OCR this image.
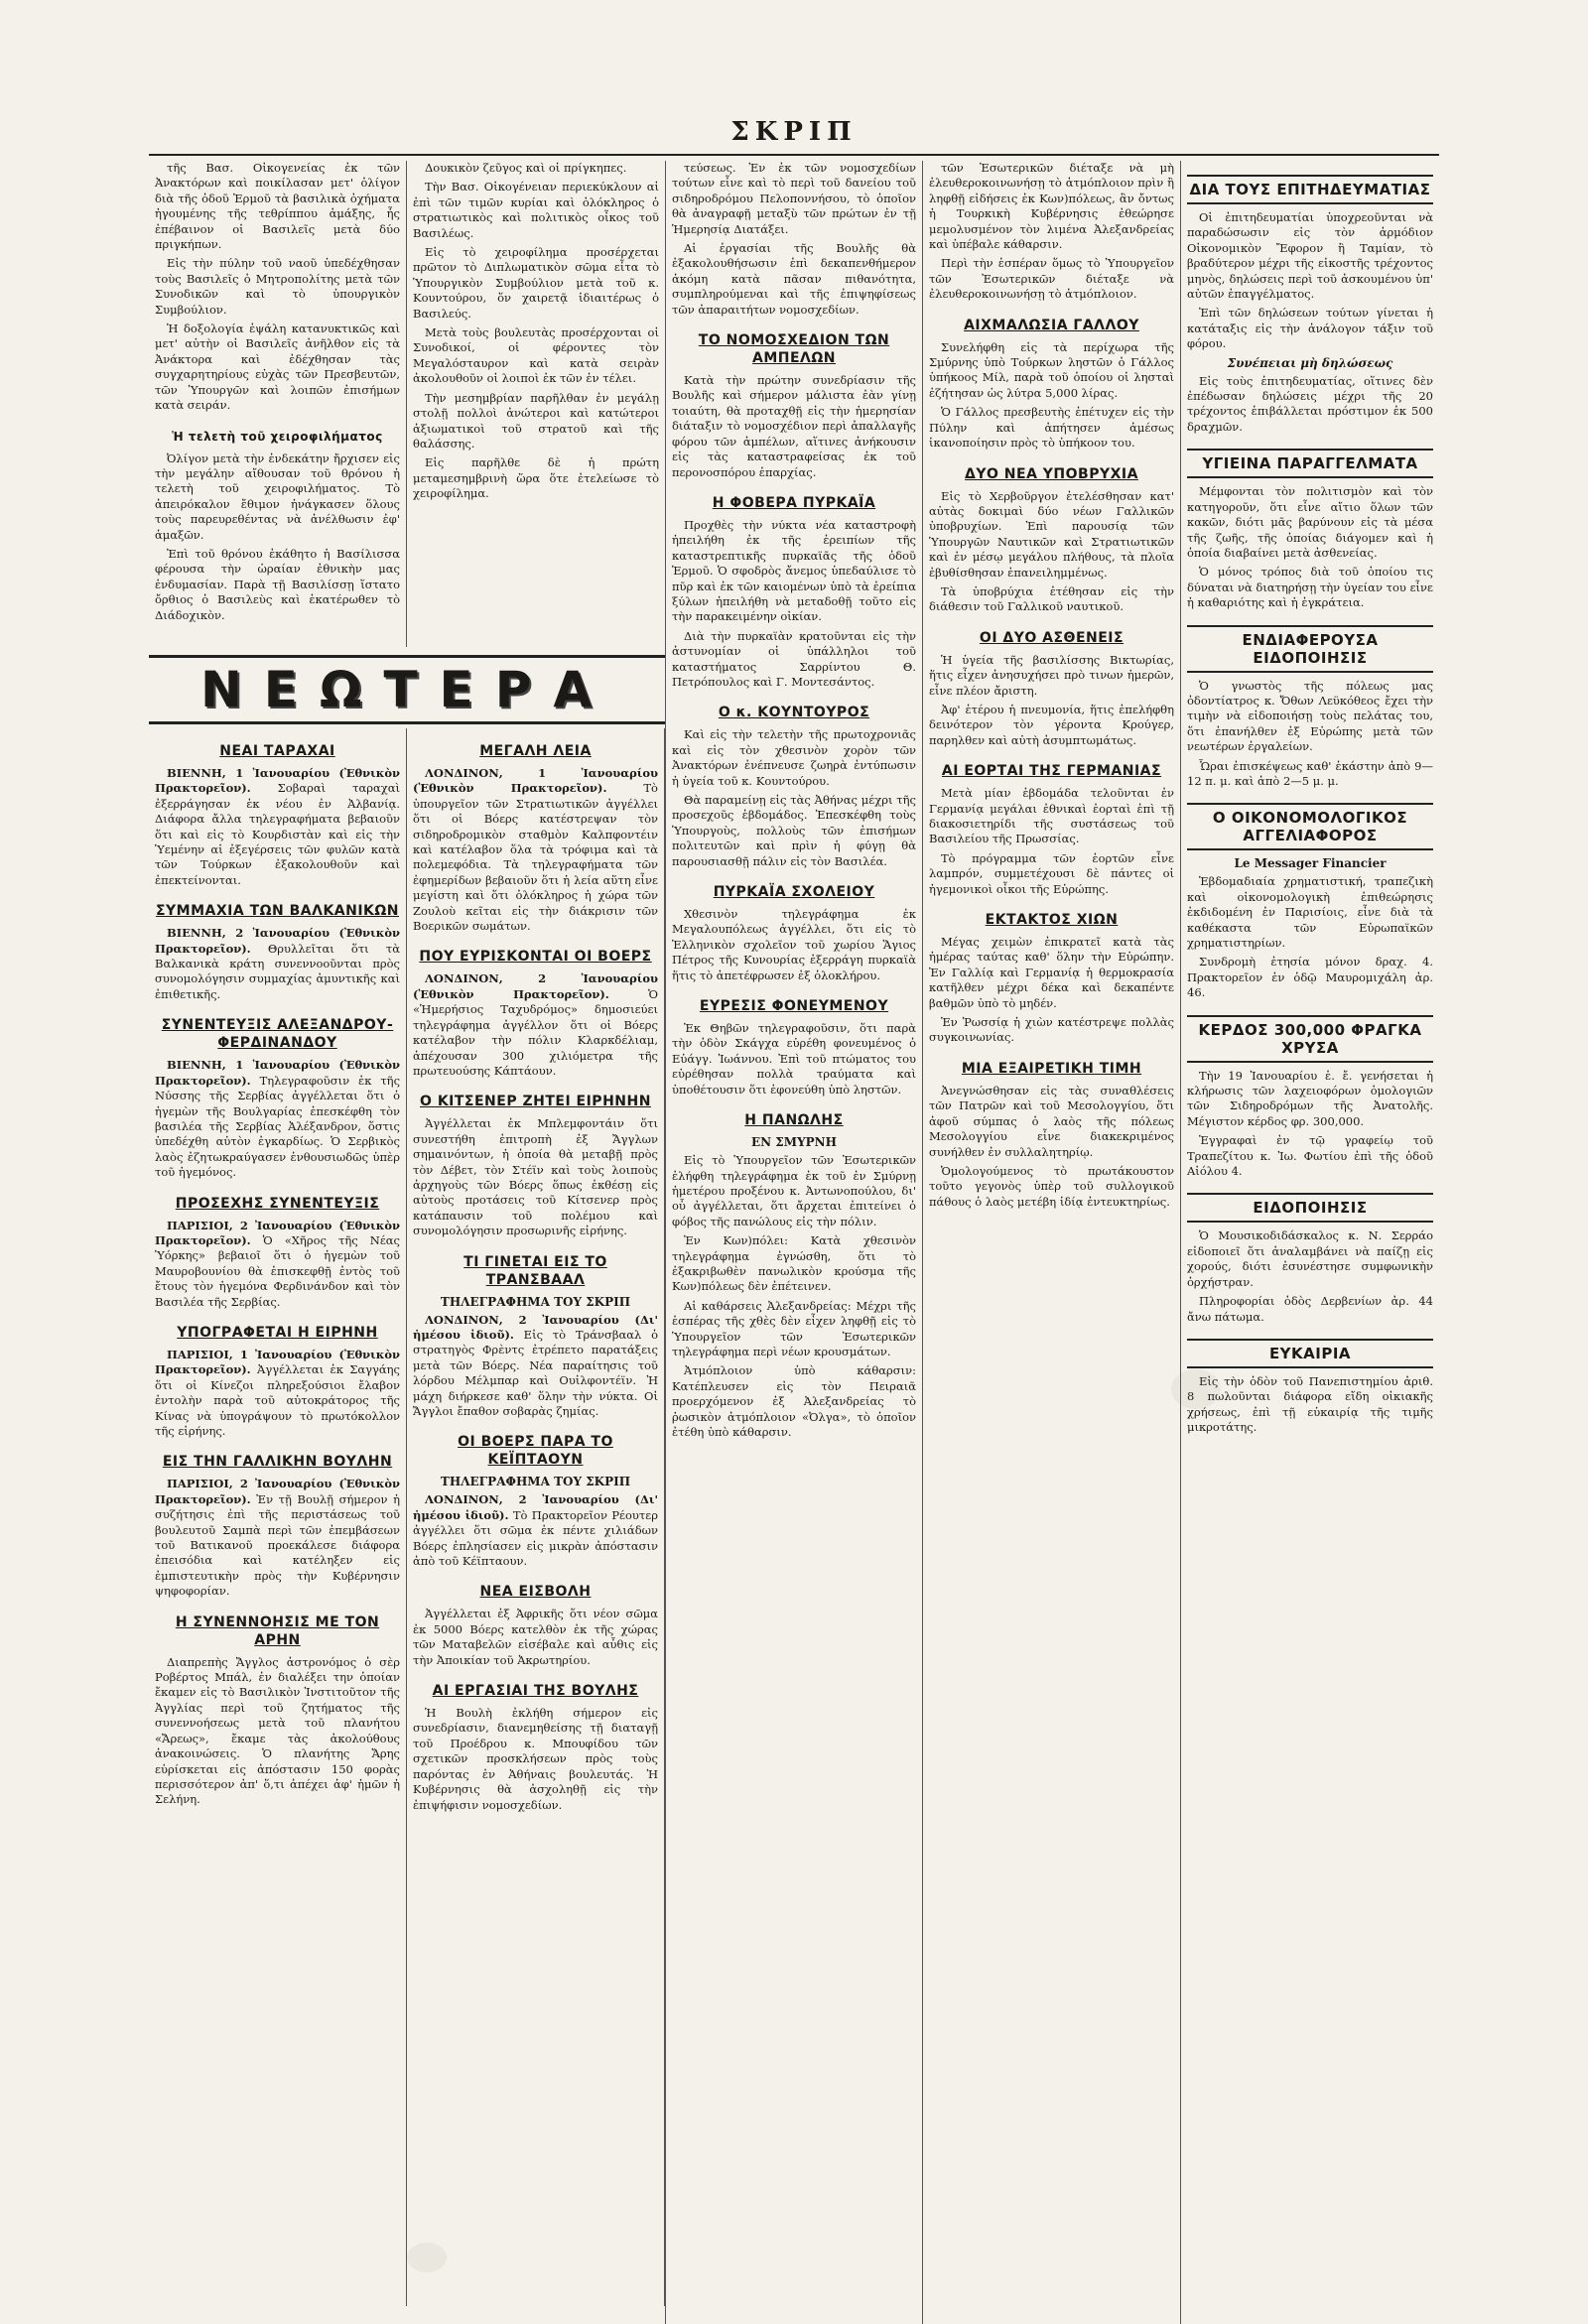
ΣΚΡΙΠ

τῆς Βασ. Οἰκογενείας ἐκ τῶν Ἀνακτόρων καὶ ποικίλασαν μετ' ὀλίγον διὰ τῆς ὁδοῦ Ἑρμοῦ τὰ βασιλικὰ ὀχήματα ἡγουμένης τῆς τεθρίππου ἁμάξης, ἧς ἐπέβαινον οἱ Βασιλεῖς μετὰ δύο πριγκήπων.

Εἰς τὴν πύλην τοῦ ναοῦ ὑπεδέχθησαν τοὺς Βασιλεῖς ὁ Μητροπολίτης μετὰ τῶν Συνοδικῶν καὶ τὸ ὑπουργικὸν Συμβούλιον.

Ἡ δοξολογία ἐψάλη κατανυκτικῶς καὶ μετ' αὐτὴν οἱ Βασιλεῖς ἀνῆλθον εἰς τὰ Ἀνάκτορα καὶ ἐδέχθησαν τὰς συγχαρητηρίους εὐχὰς τῶν Πρεσβευτῶν, τῶν Ὑπουργῶν καὶ λοιπῶν ἐπισήμων κατὰ σειράν.

Ἡ τελετὴ τοῦ χειροφιλήματος

Ὀλίγον μετὰ τὴν ἐνδεκάτην ἤρχισεν εἰς τὴν μεγάλην αἴθουσαν τοῦ θρόνου ἡ τελετὴ τοῦ χειροφιλήματος. Τὸ ἀπειρόκαλον ἔθιμον ἠνάγκασεν ὅλους τοὺς παρευρεθέντας νὰ ἀνέλθωσιν ἐφ' ἁμαξῶν.

Ἐπὶ τοῦ θρόνου ἐκάθητο ἡ Βασίλισσα φέρουσα τὴν ὡραίαν ἐθνικὴν μας ἐνδυμασίαν. Παρὰ τῇ Βασιλίσσῃ ἵστατο ὄρθιος ὁ Βασιλεὺς καὶ ἑκατέρωθεν τὸ Διάδοχικὸν.

Δουκικὸν ζεῦγος καὶ οἱ πρίγκηπες.

Τὴν Βασ. Οἰκογένειαν περιεκύκλουν αἱ ἐπὶ τῶν τιμῶν κυρίαι καὶ ὁλόκληρος ὁ στρατιωτικὸς καὶ πολιτικὸς οἶκος τοῦ Βασιλέως.

Εἰς τὸ χειροφίλημα προσέρχεται πρῶτον τὸ Διπλωματικὸν σῶμα εἶτα τὸ Ὑπουργικὸν Συμβούλιον μετὰ τοῦ κ. Κουντούρου, ὅν χαιρετᾷ ἰδιαιτέρως ὁ Βασιλεύς.

Μετὰ τοὺς βουλευτὰς προσέρχονται οἱ Συνοδικοί, οἱ φέροντες τὸν Μεγαλόσταυρον καὶ κατὰ σειρὰν ἀκολουθοῦν οἱ λοιποὶ ἐκ τῶν ἐν τέλει.

Τὴν μεσημβρίαν παρῆλθαν ἐν μεγάλῃ στολῇ πολλοὶ ἀνώτεροι καὶ κατώτεροι ἀξιωματικοὶ τοῦ στρατοῦ καὶ τῆς θαλάσσης.

Εἰς παρῆλθε δὲ ἡ πρώτη μεταμεσημβρινὴ ὥρα ὅτε ἐτελείωσε τὸ χειροφίλημα.

ΝΕΩΤΕΡΑ
ΝΕΑΙ ΤΑΡΑΧΑΙ

ΒΙΕΝΝΗ, 1 Ἰανουαρίου (Ἐθνικὸν Πρακτορεῖον). Σοβαραὶ ταραχαὶ ἐξερράγησαν ἐκ νέου ἐν Ἀλβανίᾳ. Διάφορα ἄλλα τηλεγραφήματα βεβαιοῦν ὅτι καὶ εἰς τὸ Κουρδιστὰν καὶ εἰς τὴν Ὑεμένην αἱ ἐξεγέρσεις τῶν φυλῶν κατὰ τῶν Τούρκων ἐξακολουθοῦν καὶ ἐπεκτείνονται.

ΣΥΜΜΑΧΙΑ ΤΩΝ ΒΑΛΚΑΝΙΚΩΝ

ΒΙΕΝΝΗ, 2 Ἰανουαρίου (Ἐθνικὸν Πρακτορεῖον). Θρυλλεῖται ὅτι τὰ Βαλκανικὰ κράτη συνεννοοῦνται πρὸς συνομολόγησιν συμμαχίας ἀμυντικῆς καὶ ἐπιθετικῆς.

ΣΥΝΕΝΤΕΥΞΙΣ ΑΛΕΞΑΝΔΡΟΥ-ΦΕΡΔΙΝΑΝΔΟΥ

ΒΙΕΝΝΗ, 1 Ἰανουαρίου (Ἐθνικὸν Πρακτορεῖον). Τηλεγραφοῦσιν ἐκ τῆς Νύσσης τῆς Σερβίας ἀγγέλλεται ὅτι ὁ ἡγεμὼν τῆς Βουλγαρίας ἐπεσκέφθη τὸν βασιλέα τῆς Σερβίας Ἀλέξανδρον, ὅστις ὑπεδέχθη αὐτὸν ἐγκαρδίως. Ὁ Σερβικὸς λαὸς ἐζητωκραύγασεν ἐνθουσιωδῶς ὑπὲρ τοῦ ἡγεμόνος.

ΠΡΟΣΕΧΗΣ ΣΥΝΕΝΤΕΥΞΙΣ

ΠΑΡΙΣΙΟΙ, 2 Ἰανουαρίου (Ἐθνικὸν Πρακτορεῖον). Ὁ «Χῆρος τῆς Νέας Ὑόρκης» βεβαιοῖ ὅτι ὁ ἡγεμὼν τοῦ Μαυροβουνίου θὰ ἐπισκεφθῇ ἐντὸς τοῦ ἔτους τὸν ἡγεμόνα Φερδινάνδον καὶ τὸν Βασιλέα τῆς Σερβίας.

ΥΠΟΓΡΑΦΕΤΑΙ Η ΕΙΡΗΝΗ

ΠΑΡΙΣΙΟΙ, 1 Ἰανουαρίου (Ἐθνικὸν Πρακτορεῖον). Ἀγγέλλεται ἐκ Σαγγάης ὅτι οἱ Κίνεζοι πληρεξούσιοι ἔλαβον ἐντολὴν παρὰ τοῦ αὐτοκράτορος τῆς Κίνας νὰ ὑπογράψουν τὸ πρωτόκολλον τῆς εἰρήνης.

ΕΙΣ ΤΗΝ ΓΑΛΛΙΚΗΝ ΒΟΥΛΗΝ

ΠΑΡΙΣΙΟΙ, 2 Ἰανουαρίου (Ἐθνικὸν Πρακτορεῖον). Ἐν τῇ Βουλῇ σήμερον ἡ συζήτησις ἐπὶ τῆς περιστάσεως τοῦ βουλευτοῦ Σαμπὰ περὶ τῶν ἐπεμβάσεων τοῦ Βατικανοῦ προεκάλεσε διάφορα ἐπεισόδια καὶ κατέληξεν εἰς ἐμπιστευτικὴν πρὸς τὴν Κυβέρνησιν ψηφοφορίαν.

Η ΣΥΝΕΝΝΟΗΣΙΣ ΜΕ ΤΟΝ ΑΡΗΝ

Διαπρεπὴς Ἄγγλος ἀστρονόμος ὁ σὲρ Ροβέρτος Μπάλ, ἐν διαλέξει την ὁποίαν ἔκαμεν εἰς τὸ Βασιλικὸν Ἰνστιτοῦτον τῆς Ἀγγλίας περὶ τοῦ ζητήματος τῆς συνεννοήσεως μετὰ τοῦ πλανήτου «Ἄρεως», ἔκαμε τὰς ἀκολούθους ἀνακοινώσεις. Ὁ πλανήτης Ἄρης εὑρίσκεται εἰς ἀπόστασιν 150 φορὰς περισσότερον ἀπ' ὅ,τι ἀπέχει ἀφ' ἡμῶν ἡ Σελήνη.

ΜΕΓΑΛΗ ΛΕΙΑ

ΛΟΝΔΙΝΟΝ, 1 Ἰανουαρίου (Ἐθνικὸν Πρακτορεῖον).	Τὸ ὑπουργεῖον τῶν Στρατιωτικῶν ἀγγέλλει ὅτι οἱ Βόερς κατέστρεψαν τὸν σιδηροδρομικὸν σταθμὸν Καλπφοντέιν καὶ κατέλαβον ὅλα τὰ τρόφιμα καὶ τὰ πολεμεφόδια. Τὰ τηλεγραφήματα τῶν ἐφημερίδων βεβαιοῦν ὅτι ἡ λεία αὕτη εἶνε μεγίστη καὶ ὅτι ὁλόκληρος ἡ χώρα τῶν Ζουλοὺ κεῖται εἰς τὴν διάκρισιν τῶν Βοερικῶν σωμάτων.

ΠΟΥ ΕΥΡΙΣΚΟΝΤΑΙ ΟΙ ΒΟΕΡΣ

ΛΟΝΔΙΝΟΝ, 2 Ἰανουαρίου (Ἐθνικὸν Πρακτορεῖον).	Ὁ «Ἡμερήσιος Ταχυδρόμος» δημοσιεύει τηλεγράφημα ἀγγέλλον ὅτι οἱ Βόερς κατέλαβον τὴν πόλιν Κλαρκδέλιαμ, ἀπέχουσαν 300 χιλιόμετρα τῆς πρωτευούσης Κάπτάουν.

Ο ΚΙΤΣΕΝΕΡ ΖΗΤΕΙ ΕΙΡΗΝΗΝ

Ἀγγέλλεται ἐκ Μπλεμφοντάιν ὅτι συνεστήθη ἐπιτροπὴ ἐξ Ἄγγλων σημαινόντων, ἡ ὁποία θὰ μεταβῇ πρὸς τὸν Δέβετ, τὸν Στέϊν καὶ τοὺς λοιποὺς ἀρχηγοὺς τῶν Βόερς ὅπως ἐκθέσῃ εἰς αὐτοὺς προτάσεις τοῦ Κίτσενερ πρὸς κατάπαυσιν τοῦ πολέμου καὶ συνομολόγησιν προσωρινῆς εἰρήνης.

ΤΙ ΓΙΝΕΤΑΙ ΕΙΣ ΤΟ ΤΡΑΝΣΒΑΑΛ
ΤΗΛΕΓΡΑΦΗΜΑ ΤΟΥ ΣΚΡΙΠ

ΛΟΝΔΙΝΟΝ, 2 Ἰανουαρίου (Δι' ἡμέσου ἰδιοῦ). Εἰς τὸ Τράνσβααλ ὁ στρατηγὸς Φρὲντς ἐτρέπετο παρατάξεις μετὰ τῶν Βόερς. Νέα παραίτησις τοῦ λόρδου Μέλμπαρ καὶ Ουἰλφοντέϊν. Ἡ μάχη διήρκεσε καθ' ὅλην τὴν νύκτα. Οἱ Ἄγγλοι ἔπαθον σοβαρὰς ζημίας.

ΟΙ ΒΟΕΡΣ ΠΑΡΑ ΤΟ ΚΕΪΠΤΑΟΥΝ
ΤΗΛΕΓΡΑΦΗΜΑ ΤΟΥ ΣΚΡΙΠ

ΛΟΝΔΙΝΟΝ, 2 Ἰανουαρίου (Δι' ἡμέσου ἰδιοῦ). Τὸ Πρακτορεῖον Ρέουτερ ἀγγέλλει ὅτι σῶμα ἐκ πέντε χιλιάδων Βόερς ἐπλησίασεν εἰς μικρὰν ἀπόστασιν ἀπὸ τοῦ Κέϊπταουν.

ΝΕΑ ΕΙΣΒΟΛΗ

Ἀγγέλλεται ἐξ Ἀφρικῆς ὅτι νέον σῶμα ἐκ 5000 Βόερς κατελθὸν ἐκ τῆς χώρας τῶν Ματαβελῶν εἰσέβαλε καὶ αὖθις εἰς τὴν Ἀποικίαν τοῦ Ἀκρωτηρίου.

ΑΙ ΕΡΓΑΣΙΑΙ ΤΗΣ ΒΟΥΛΗΣ

Ἡ Βουλὴ ἐκλήθη σήμερον εἰς συνεδρίασιν, διανεμηθείσης τῇ διαταγῇ τοῦ Προέδρου κ. Μπουφίδου τῶν σχετικῶν προσκλήσεων πρὸς τοὺς παρόντας ἐν Ἀθήναις βουλευτάς. Ἡ Κυβέρνησις θὰ ἀσχοληθῇ εἰς τὴν ἐπιψήφισιν νομοσχεδίων.

τεύσεως. Ἐν ἐκ τῶν νομοσχεδίων τούτων εἶνε καὶ τὸ περὶ τοῦ δανείου τοῦ σιδηροδρόμου Πελοποννήσου, τὸ ὁποῖον θὰ ἀναγραφῇ μεταξὺ τῶν πρώτων ἐν τῇ Ἡμερησίᾳ Διατάξει.

Αἱ ἐργασίαι τῆς Βουλῆς θὰ ἐξακολουθήσωσιν ἐπὶ δεκαπενθήμερον ἀκόμη κατὰ πᾶσαν πιθανότητα, συμπληρούμεναι καὶ τῆς ἐπιψηφίσεως τῶν ἀπαραιτήτων νομοσχεδίων.

ΤΟ ΝΟΜΟΣΧΕΔΙΟΝ ΤΩΝ ΑΜΠΕΛΩΝ

Κατὰ τὴν πρώτην συνεδρίασιν τῆς Βουλῆς καὶ σήμερον μάλιστα ἐὰν γίνῃ τοιαύτη, θὰ προταχθῇ εἰς τὴν ἡμερησίαν διάταξιν τὸ νομοσχέδιον περὶ ἀπαλλαγῆς φόρου τῶν ἀμπέλων, αἵτινες ἀνήκουσιν εἰς τὰς καταστραφείσας ἐκ τοῦ περονοσπόρου ἐπαρχίας.

Η ΦΟΒΕΡΑ ΠΥΡΚΑΪΑ

Προχθὲς τὴν νύκτα νέα καταστροφὴ ἠπειλήθη ἐκ τῆς ἐρειπίων τῆς καταστρεπτικῆς πυρκαϊᾶς τῆς ὁδοῦ Ἑρμοῦ. Ὁ σφοδρὸς ἄνεμος ὑπεδαύλισε τὸ πῦρ καὶ ἐκ τῶν καιομένων ὑπὸ τὰ ἐρείπια ξύλων ἠπειλήθη νὰ μεταδοθῇ τοῦτο εἰς τὴν παρακειμένην οἰκίαν.

Διὰ τὴν πυρκαϊὰν κρατοῦνται εἰς τὴν ἀστυνομίαν οἱ ὑπάλληλοι τοῦ καταστήματος Σαρρίντου Θ. Πετρόπουλος καὶ Γ. Μοντεσάντος.

Ο κ. ΚΟΥΝΤΟΥΡΟΣ

Καὶ εἰς τὴν τελετὴν τῆς πρωτοχρονιᾶς καὶ εἰς τὸν χθεσινὸν χορὸν τῶν Ἀνακτόρων ἐνέπνευσε ζωηρὰ ἐντύπωσιν ἡ ὑγεία τοῦ κ. Κουντούρου.

Θὰ παραμείνῃ εἰς τὰς Ἀθήνας μέχρι τῆς προσεχοῦς ἑβδομάδος. Ἐπεσκέφθη τοὺς Ὑπουργοὺς, πολλοὺς τῶν ἐπισήμων πολιτευτῶν καὶ πρὶν ἡ φύγῃ θὰ παρουσιασθῇ πάλιν εἰς τὸν Βασιλέα.

ΠΥΡΚΑΪΑ ΣΧΟΛΕΙΟΥ

Χθεσινὸν τηλεγράφημα ἐκ Μεγαλουπόλεως ἀγγέλλει, ὅτι εἰς τὸ Ἑλληνικὸν σχολεῖον τοῦ χωρίου Ἅγιος Πέτρος τῆς Κυνουρίας ἐξερράγη πυρκαϊὰ ἥτις τὸ ἀπετέφρωσεν ἐξ ὁλοκλήρου.

ΕΥΡΕΣΙΣ ΦΟΝΕΥΜΕΝΟΥ

Ἐκ Θηβῶν τηλεγραφοῦσιν, ὅτι παρὰ τὴν ὁδὸν Σκάγχα εὑρέθη φονευμένος ὁ Εὐάγγ. Ἰωάννου. Ἐπὶ τοῦ πτώματος του εὑρέθησαν πολλὰ τραύματα καὶ ὑποθέτουσιν ὅτι ἐφονεύθη ὑπὸ ληστῶν.

Η ΠΑΝΩΛΗΣ
ΕΝ ΣΜΥΡΝΗ

Εἰς τὸ Ὑπουργεῖον τῶν Ἐσωτερικῶν ἐλήφθη τηλεγράφημα ἐκ τοῦ ἐν Σμύρνῃ ἡμετέρου προξένου κ. Ἀντωνοπούλου, δι' οὗ ἀγγέλλεται, ὅτι ἄρχεται ἐπιτείνει ὁ φόβος τῆς πανώλους εἰς τὴν πόλιν.

Ἐν Κων)πόλει: Κατὰ χθεσινὸν τηλεγράφημα ἐγνώσθη, ὅτι τὸ ἐξακριβωθὲν πανωλικὸν κρούσμα τῆς Κων)πόλεως δὲν ἐπέτεινεν.

Αἱ καθάρσεις Ἀλεξανδρείας: Μέχρι τῆς ἑσπέρας τῆς χθὲς δὲν εἶχεν ληφθῇ εἰς τὸ Ὑπουργεῖον τῶν Ἐσωτερικῶν τηλεγράφημα περὶ νέων κρουσμάτων.

Ἀτμόπλοιον ὑπὸ κάθαρσιν: Κατέπλευσεν εἰς τὸν Πειραιᾶ προερχόμενον ἐξ Ἀλεξανδρείας τὸ ῥωσικὸν ἀτμόπλοιον «Ὀλγα», τὸ ὁποῖον ἐτέθη ὑπὸ κάθαρσιν.

τῶν Ἐσωτερικῶν διέταξε νὰ μὴ ἐλευθεροκοινωνήσῃ τὸ ἀτμόπλοιον πρὶν ἢ ληφθῇ εἰδήσεις ἐκ Κων)πόλεως, ἂν ὄντως ἡ Τουρκικὴ Κυβέρνησις ἐθεώρησε μεμολυσμένον τὸν λιμένα Ἀλεξανδρείας καὶ ὑπέβαλε κάθαρσιν.

Περὶ τὴν ἑσπέραν ὅμως τὸ Ὑπουργεῖον τῶν Ἐσωτερικῶν διέταξε νὰ ἐλευθεροκοινωνήσῃ τὸ ἀτμόπλοιον.

ΑΙΧΜΑΛΩΣΙΑ ΓΑΛΛΟΥ

Συνελήφθη εἰς τὰ περίχωρα τῆς Σμύρνης ὑπὸ Τούρκων ληστῶν ὁ Γάλλος ὑπήκοος Μίλ, παρὰ τοῦ ὁποίου οἱ λησταὶ ἐζήτησαν ὡς λύτρα 5,000 λίρας.

Ὁ Γάλλος πρεσβευτὴς ἐπέτυχεν εἰς τὴν Πύλην καὶ ἀπήτησεν ἀμέσως ἱκανοποίησιν πρὸς τὸ ὑπήκοον του.

ΔΥΟ ΝΕΑ ΥΠΟΒΡΥΧΙΑ

Εἰς τὸ Χερβοῦργον ἐτελέσθησαν κατ' αὐτὰς δοκιμαὶ δύο νέων Γαλλικῶν ὑποβρυχίων. Ἐπὶ παρουσίᾳ τῶν Ὑπουργῶν Ναυτικῶν καὶ Στρατιωτικῶν καὶ ἐν μέσῳ μεγάλου πλήθους, τὰ πλοῖα ἐβυθίσθησαν ἐπανειλημμένως.

Τὰ ὑποβρύχια ἐτέθησαν εἰς τὴν διάθεσιν τοῦ Γαλλικοῦ ναυτικοῦ.

ΟΙ ΔΥΟ ΑΣΘΕΝΕΙΣ

Ἡ ὑγεία τῆς βασιλίσσης Βικτωρίας, ἥτις εἶχεν ἀνησυχήσει πρὸ τινων ἡμερῶν, εἶνε πλέον ἄριστη.

Ἀφ' ἑτέρου ἡ πνευμονία, ἥτις ἐπελήφθη δεινότερον τὸν γέροντα Κρούγερ, παρηλθεν καὶ αὐτὴ ἀσυμπτωμάτως.

ΑΙ ΕΟΡΤΑΙ ΤΗΣ ΓΕΡΜΑΝΙΑΣ

Μετὰ μίαν ἑβδομάδα τελοῦνται ἐν Γερμανίᾳ μεγάλαι ἐθνικαὶ ἑορταὶ ἐπὶ τῇ διακοσιετηρίδι τῆς συστάσεως τοῦ Βασιλείου τῆς Πρωσσίας.

Τὸ πρόγραμμα τῶν ἑορτῶν εἶνε λαμπρόν, συμμετέχουσι δὲ πάντες οἱ ἡγεμονικοὶ οἶκοι τῆς Εὐρώπης.

ΕΚΤΑΚΤΟΣ ΧΙΩΝ

Μέγας χειμὼν ἐπικρατεῖ κατὰ τὰς ἡμέρας ταύτας καθ' ὅλην τὴν Εὐρώπην. Ἐν Γαλλίᾳ καὶ Γερμανίᾳ ἡ θερμοκρασία κατῆλθεν μέχρι δέκα καὶ δεκαπέντε βαθμῶν ὑπὸ τὸ μηδέν.

Ἐν Ῥωσσίᾳ ἡ χιὼν κατέστρεψε πολλὰς συγκοινωνίας.

ΜΙΑ ΕΞΑΙΡΕΤΙΚΗ ΤΙΜΗ

Ἀνεγνώσθησαν εἰς τὰς συναθλέσεις τῶν Πατρῶν καὶ τοῦ Μεσολογγίου, ὅτι ἀφοῦ σύμπας ὁ λαὸς τῆς πόλεως Μεσολογγίου εἶνε διακεκριμένος συνήλθεν ἐν συλλαλητηρίῳ.

Ὁμολογούμενος τὸ πρωτάκουστον τοῦτο γεγονὸς ὑπὲρ τοῦ συλλογικοῦ πάθους ὁ λαὸς μετέβη ἰδίᾳ ἐντευκτηρίως.

ΔΙΑ ΤΟΥΣ ΕΠΙΤΗΔΕΥΜΑΤΙΑΣ

Οἱ ἐπιτηδευματίαι ὑποχρεοῦνται νὰ παραδώσωσιν εἰς τὸν ἁρμόδιον Οἰκονομικὸν Ἔφορον ἢ Ταμίαν, τὸ βραδύτερον μέχρι τῆς εἰκοστῆς τρέχοντος μηνὸς, δηλώσεις περὶ τοῦ ἀσκουμένου ὑπ' αὐτῶν ἐπαγγέλματος.

Ἐπὶ τῶν δηλώσεων τούτων γίνεται ἡ κατάταξις εἰς τὴν ἀνάλογον τάξιν τοῦ φόρου.

Συνέπειαι μὴ δηλώσεως

Εἰς τοὺς ἐπιτηδευματίας, οἵτινες δὲν ἐπέδωσαν δηλώσεις μέχρι τῆς 20 τρέχοντος ἐπιβάλλεται πρόστιμον ἐκ 500 δραχμῶν.

ΥΓΙΕΙΝΑ ΠΑΡΑΓΓΕΛΜΑΤΑ

Μέμφονται τὸν πολιτισμὸν καὶ τὸν κατηγοροῦν, ὅτι εἶνε αἴτιο ὅλων τῶν κακῶν, διότι μᾶς βαρύνουν εἰς τὰ μέσα τῆς ζωῆς, τῆς ὁποίας διάγομεν καὶ ἡ ὁποία διαβαίνει μετὰ ἀσθενείας.

Ὁ μόνος τρόπος διὰ τοῦ ὁποίου τις δύναται νὰ διατηρήσῃ τὴν ὑγείαν του εἶνε ἡ καθαριότης καὶ ἡ ἐγκράτεια.

ΕΝΔΙΑΦΕΡΟΥΣΑ ΕΙΔΟΠΟΙΗΣΙΣ

Ὁ γνωστὸς τῆς πόλεως μας ὀδοντίατρος κ. Ὄθων Λεϋκόθεος ἔχει τὴν τιμὴν νὰ εἰδοποιήσῃ τοὺς πελάτας του, ὅτι ἐπανήλθεν ἐξ Εὐρώπης μετὰ τῶν νεωτέρων ἐργαλείων.

Ὧραι ἐπισκέψεως καθ' ἑκάστην ἀπὸ 9—12 π. μ. καὶ ἀπὸ 2—5 μ. μ.

Ο ΟΙΚΟΝΟΜΟΛΟΓΙΚΟΣ ΑΓΓΕΛΙΑΦΟΡΟΣ
Le Messager Financier

Ἑβδομαδιαία χρηματιστική, τραπεζικὴ καὶ οἰκονομολογικὴ ἐπιθεώρησις ἐκδιδομένη ἐν Παρισίοις, εἶνε διὰ τὰ καθέκαστα τῶν Εὐρωπαϊκῶν χρηματιστηρίων.

Συνδρομὴ ἐτησία μόνον δραχ. 4. Πρακτορεῖον ἐν ὁδῷ Μαυρομιχάλη ἀρ. 46.

ΚΕΡΔΟΣ 300,000 ΦΡΑΓΚΑ ΧΡΥΣΑ

Τὴν 19 Ἰανουαρίου ἑ. ἔ. γενήσεται ἡ κλήρωσις τῶν λαχειοφόρων ὁμολογιῶν τῶν Σιδηροδρόμων τῆς Ἀνατολῆς. Μέγιστον κέρδος φρ. 300,000.

Ἐγγραφαὶ ἐν τῷ γραφείῳ τοῦ Τραπεζίτου κ. Ἰω. Φωτίου ἐπὶ τῆς ὁδοῦ Αἰόλου 4.

ΕΙΔΟΠΟΙΗΣΙΣ

Ὁ Μουσικοδιδάσκαλος κ. Ν. Σερράο εἰδοποιεῖ ὅτι ἀναλαμβάνει νὰ παίζῃ εἰς χορούς, διότι ἐσυνέστησε συμφωνικὴν ὀρχήστραν.

Πληροφορίαι ὁδὸς Δερβενίων ἀρ. 44 ἄνω πάτωμα.

ΕΥΚΑΙΡΙΑ

Εἰς τὴν ὁδὸν τοῦ Πανεπιστημίου ἀριθ. 8 πωλοῦνται διάφορα εἴδη οἰκιακῆς χρήσεως, ἐπὶ τῇ εὐκαιρίᾳ τῆς τιμῆς μικροτάτης.
